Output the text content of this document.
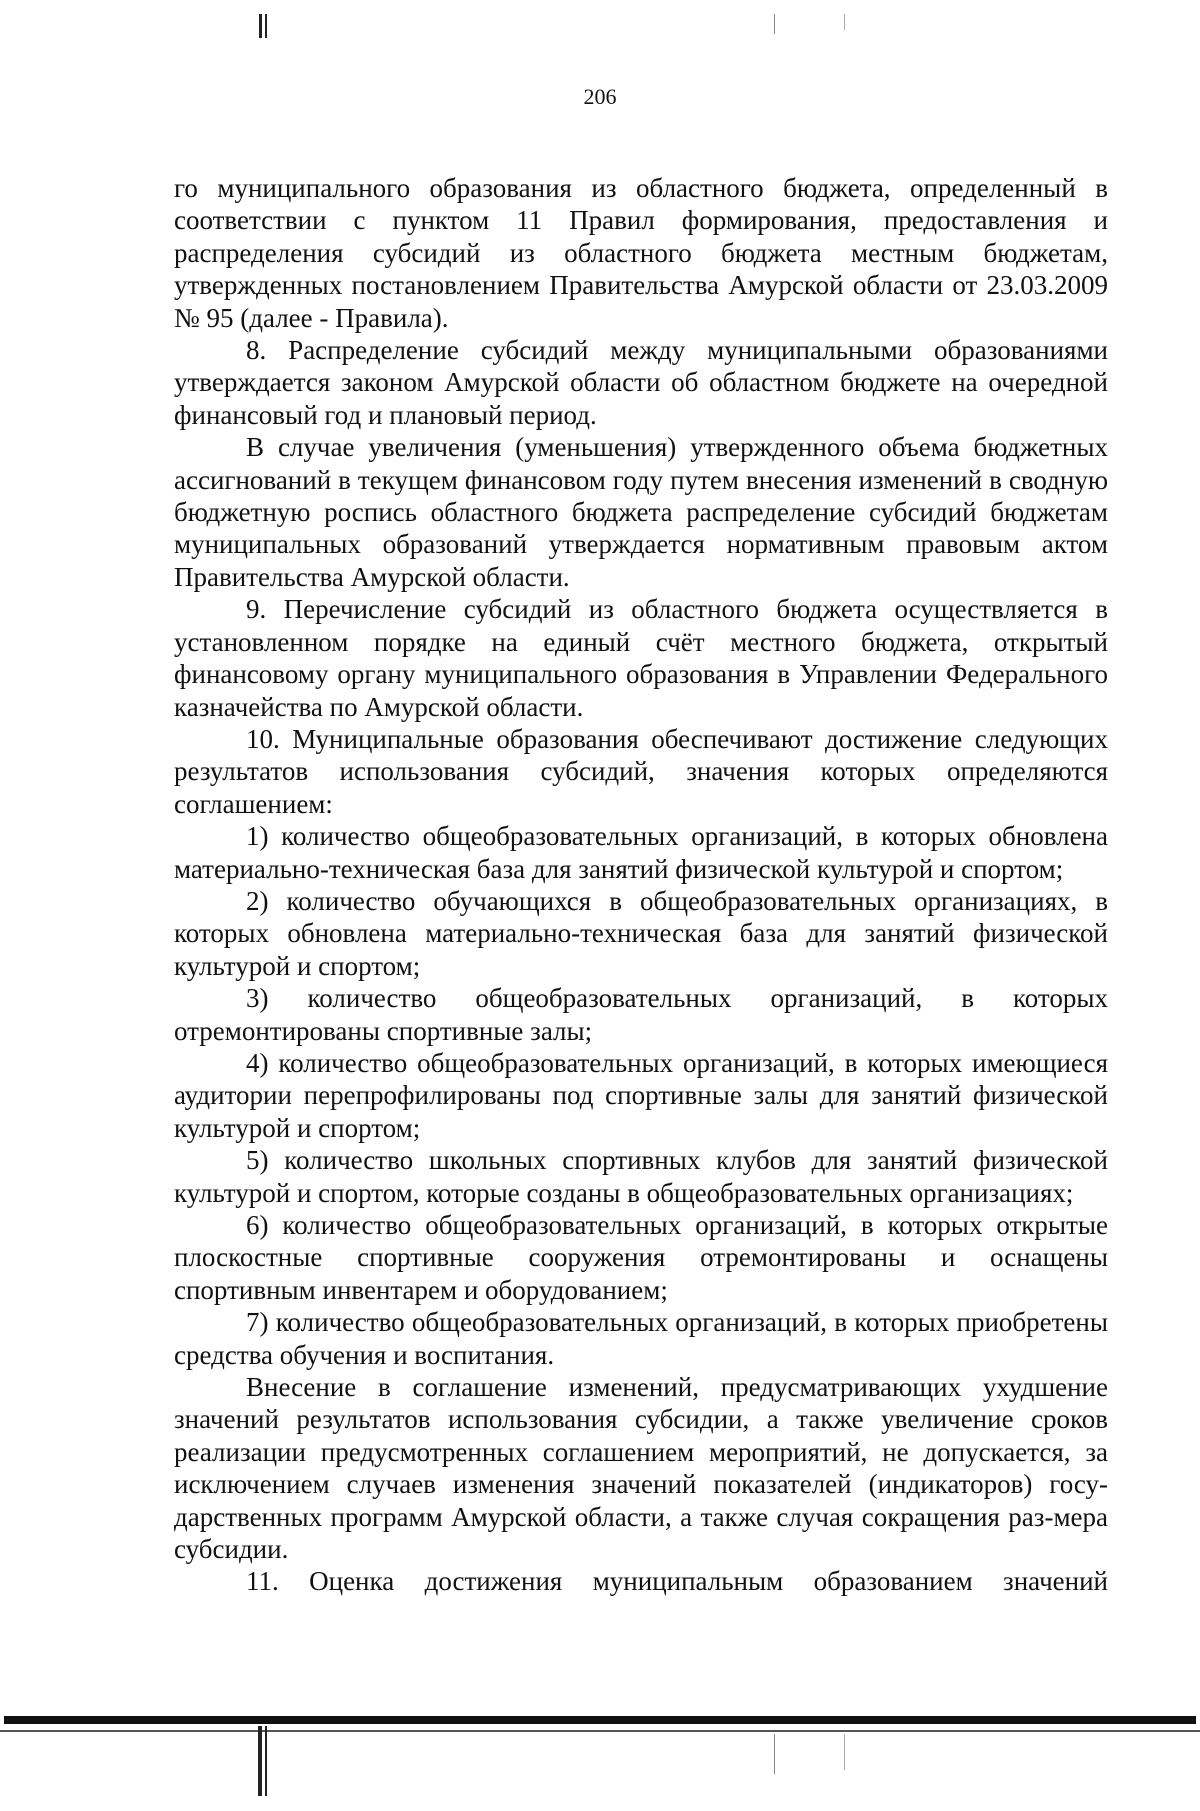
206

го муниципального образования из областного бюджета, определенный в соответствии с пунктом 11 Правил формирования, предоставления и распределения субсидий из областного бюджета местным бюджетам, утвержденных постановлением Правительства Амурской области от 23.03.2009 № 95 (далее - Правила).

8. Распределение субсидий между муниципальными образованиями утверждается законом Амурской области об областном бюджете на очередной финансовый год и плановый период.

В случае увеличения (уменьшения) утвержденного объема бюджетных ассигнований в текущем финансовом году путем внесения изменений в сводную бюджетную роспись областного бюджета распределение субсидий бюджетам муниципальных образований утверждается нормативным правовым актом Правительства Амурской области.

9. Перечисление субсидий из областного бюджета осуществляется в установленном порядке на единый счёт местного бюджета, открытый финансовому органу муниципального образования в Управлении Федерального казначейства по Амурской области.

10. Муниципальные образования обеспечивают достижение следующих результатов использования субсидий, значения которых определяются соглашением:

1) количество общеобразовательных организаций, в которых обновлена материально-техническая база для занятий физической культурой и спортом;

2) количество обучающихся в общеобразовательных организациях, в которых обновлена материально-техническая база для занятий физической культурой и спортом;

3) количество общеобразовательных организаций, в которых отремонтированы спортивные залы;

4) количество общеобразовательных организаций, в которых имеющиеся аудитории перепрофилированы под спортивные залы для занятий физической культурой и спортом;

5) количество школьных спортивных клубов для занятий физической культурой и спортом, которые созданы в общеобразовательных организациях;

6) количество общеобразовательных организаций, в которых открытые плоскостные спортивные сооружения отремонтированы и оснащены спортивным инвентарем и оборудованием;

7) количество общеобразовательных организаций, в которых приобретены средства обучения и воспитания.

Внесение в соглашение изменений, предусматривающих ухудшение значений результатов использования субсидии, а также увеличение сроков реализации предусмотренных соглашением мероприятий, не допускается, за исключением случаев изменения значений показателей (индикаторов) госу-дарственных программ Амурской области, а также случая сокращения раз-мера субсидии.

11. Оценка достижения муниципальным образованием значений
